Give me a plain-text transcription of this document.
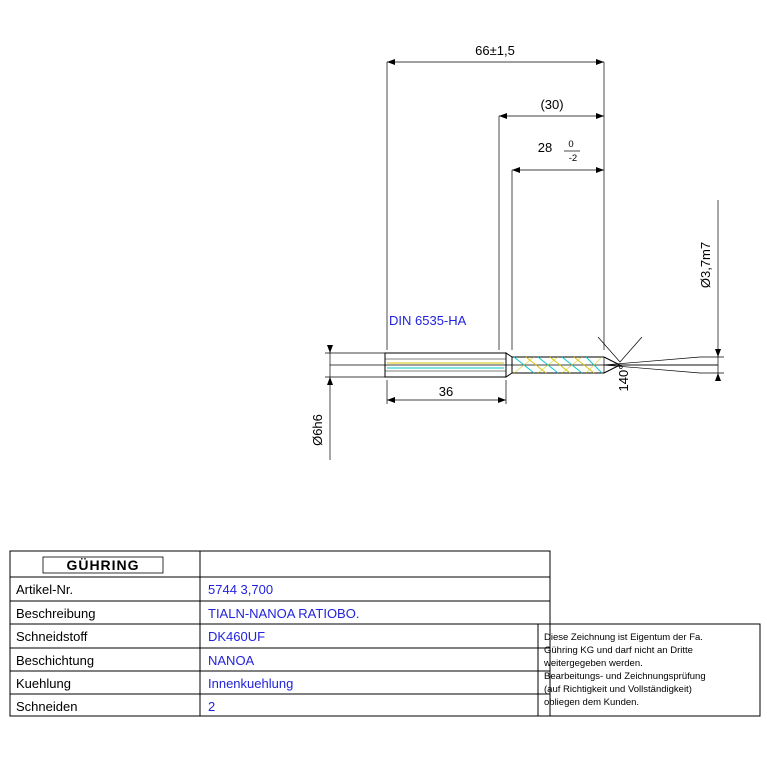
66±1,5
(30)
28 0
-2
36
Ø6h6
Ø3,7m7
140°
DIN 6535-HA
GÜHRING
Artikel-Nr.
Beschreibung
Schneidstoff
Beschichtung
Kuehlung
Schneiden
5744 3,700
TIALN-NANOA RATIOBO.
DK460UF
NANOA
Innenkuehlung
2
Diese Zeichnung ist Eigentum der Fa.
Gühring KG und darf nicht an Dritte
weitergegeben werden.
Bearbeitungs- und Zeichnungsprüfung
(auf Richtigkeit und Vollständigkeit)
obliegen dem Kunden.
